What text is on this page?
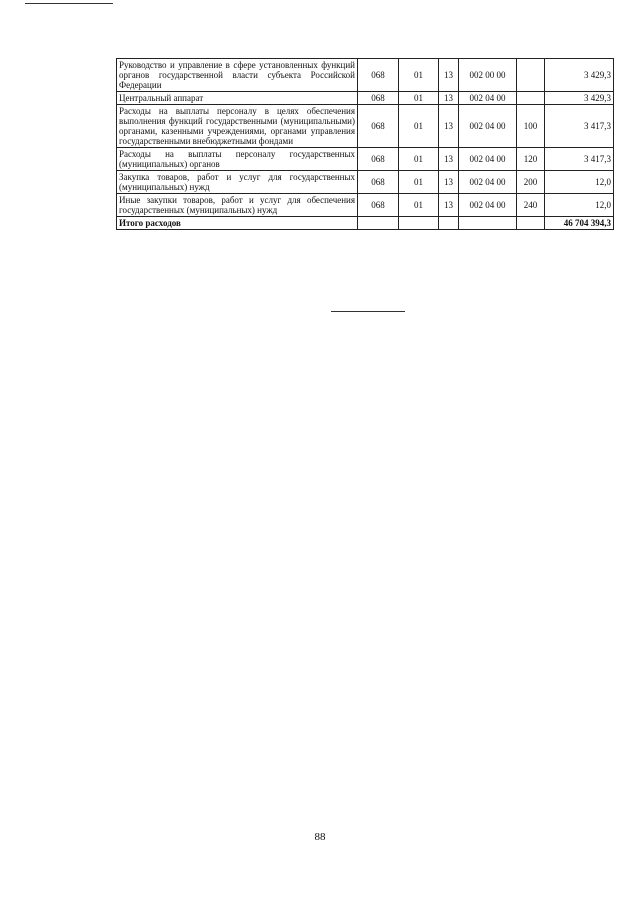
Руководство и управление в сфере установленных функций органов государственной власти субъекта Российской Федерации	068	01	13	002 00 00		3 429,3
Центральный аппарат	068	01	13	002 04 00		3 429,3
Расходы на выплаты персоналу в целях обеспечения выполнения функций государственными (муниципальными) органами, казенными учреждениями, органами управления государственными внебюджетными фондами	068	01	13	002 04 00	100	3 417,3
Расходы на выплаты персоналу государственных (муниципальных) органов	068	01	13	002 04 00	120	3 417,3
Закупка товаров, работ и услуг для государственных (муниципальных) нужд	068	01	13	002 04 00	200	12,0
Иные закупки товаров, работ и услуг для обеспечения государственных (муниципальных) нужд	068	01	13	002 04 00	240	12,0
Итого расходов						46 704 394,3
88
